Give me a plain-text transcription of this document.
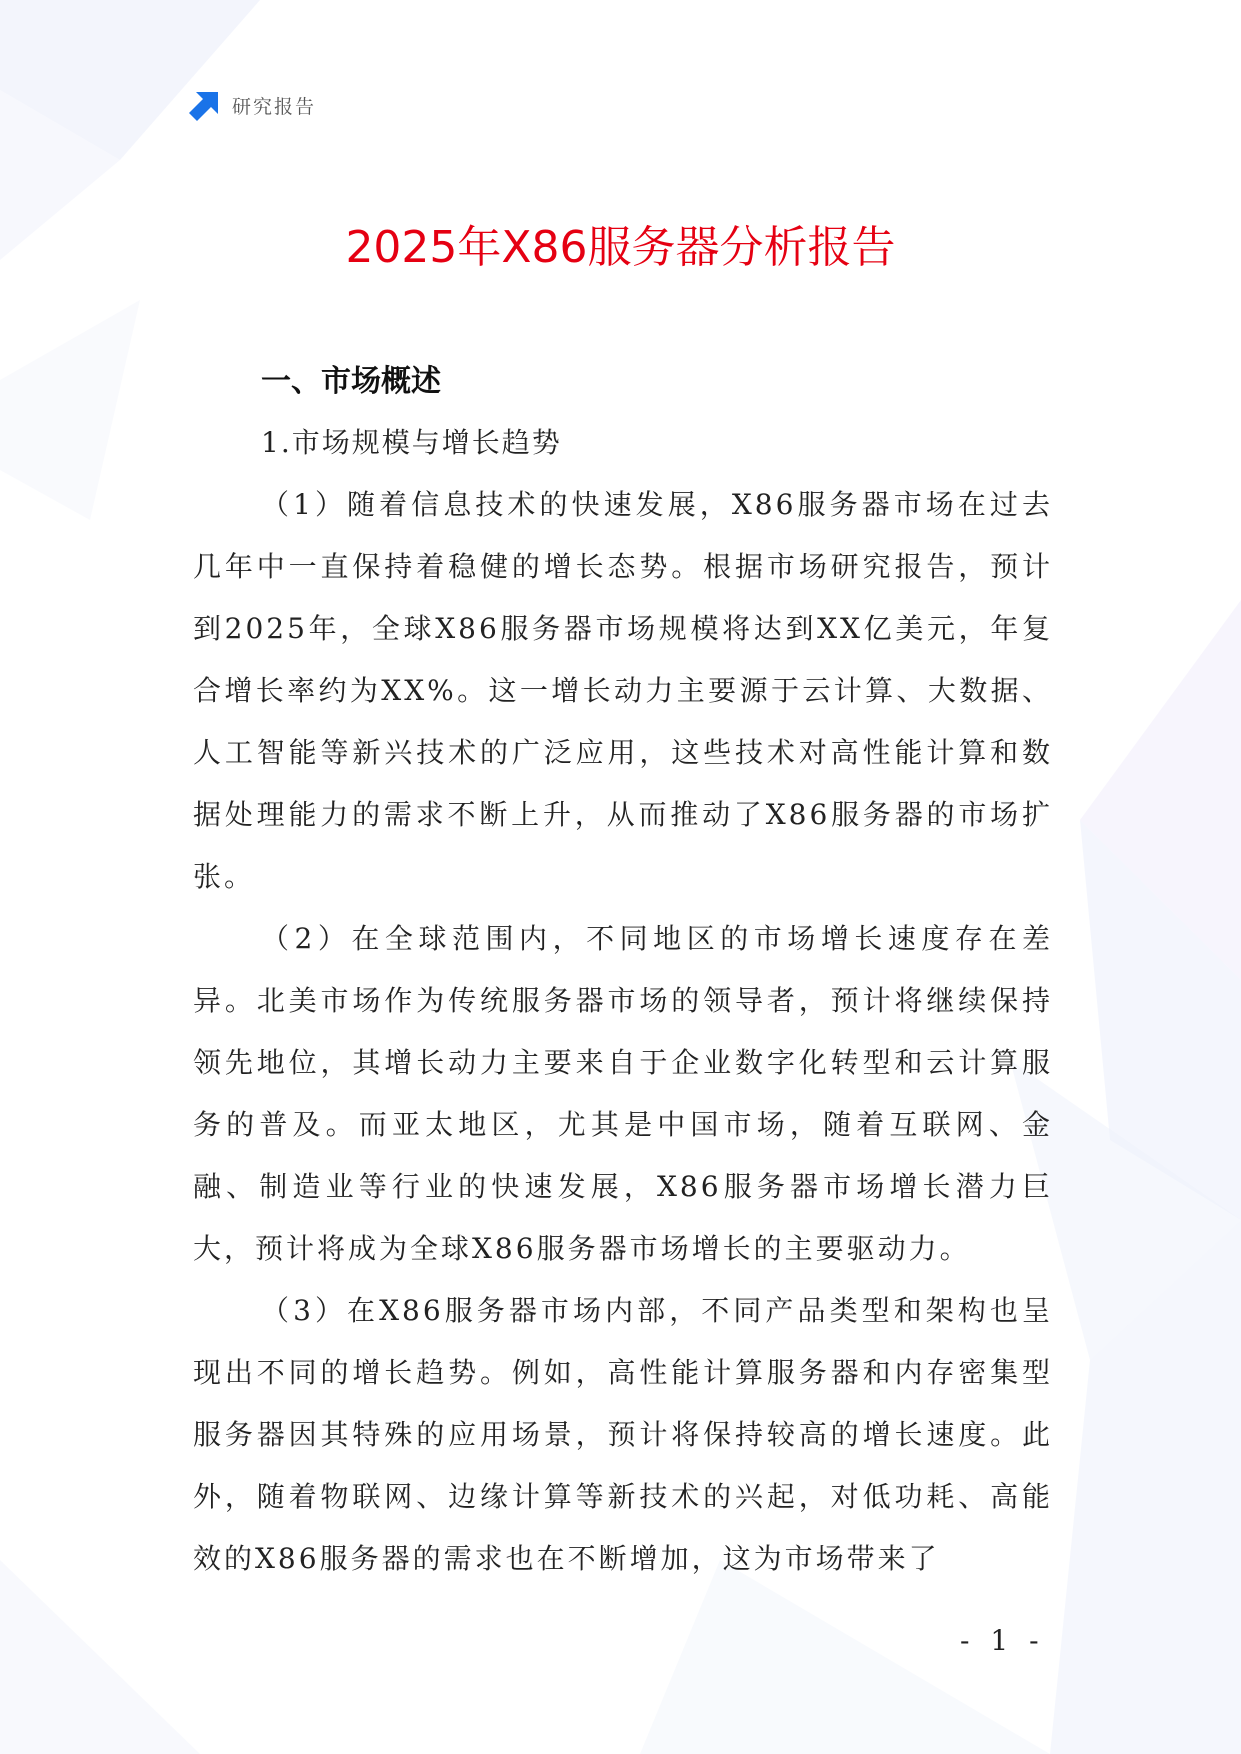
研究报告
2025年X86服务器分析报告

一、市场概述

1.市场规模与增长趋势

（1）随着信息技术的快速发展，X86服务器市场在过去几年中一直保持着稳健的增长态势。根据市场研究报告，预计到2025年，全球X86服务器市场规模将达到XX亿美元，年复合增长率约为XX%。这一增长动力主要源于云计算、大数据、人工智能等新兴技术的广泛应用，这些技术对高性能计算和数据处理能力的需求不断上升，从而推动了X86服务器的市场扩张。

（2）在全球范围内，不同地区的市场增长速度存在差异。北美市场作为传统服务器市场的领导者，预计将继续保持领先地位，其增长动力主要来自于企业数字化转型和云计算服务的普及。而亚太地区，尤其是中国市场，随着互联网、金融、制造业等行业的快速发展，X86服务器市场增长潜力巨大，预计将成为全球X86服务器市场增长的主要驱动力。

（3）在X86服务器市场内部，不同产品类型和架构也呈现出不同的增长趋势。例如，高性能计算服务器和内存密集型服务器因其特殊的应用场景，预计将保持较高的增长速度。此外，随着物联网、边缘计算等新技术的兴起，对低功耗、高能效的X86服务器的需求也在不断增加，这为市场带来了

- 1 -
